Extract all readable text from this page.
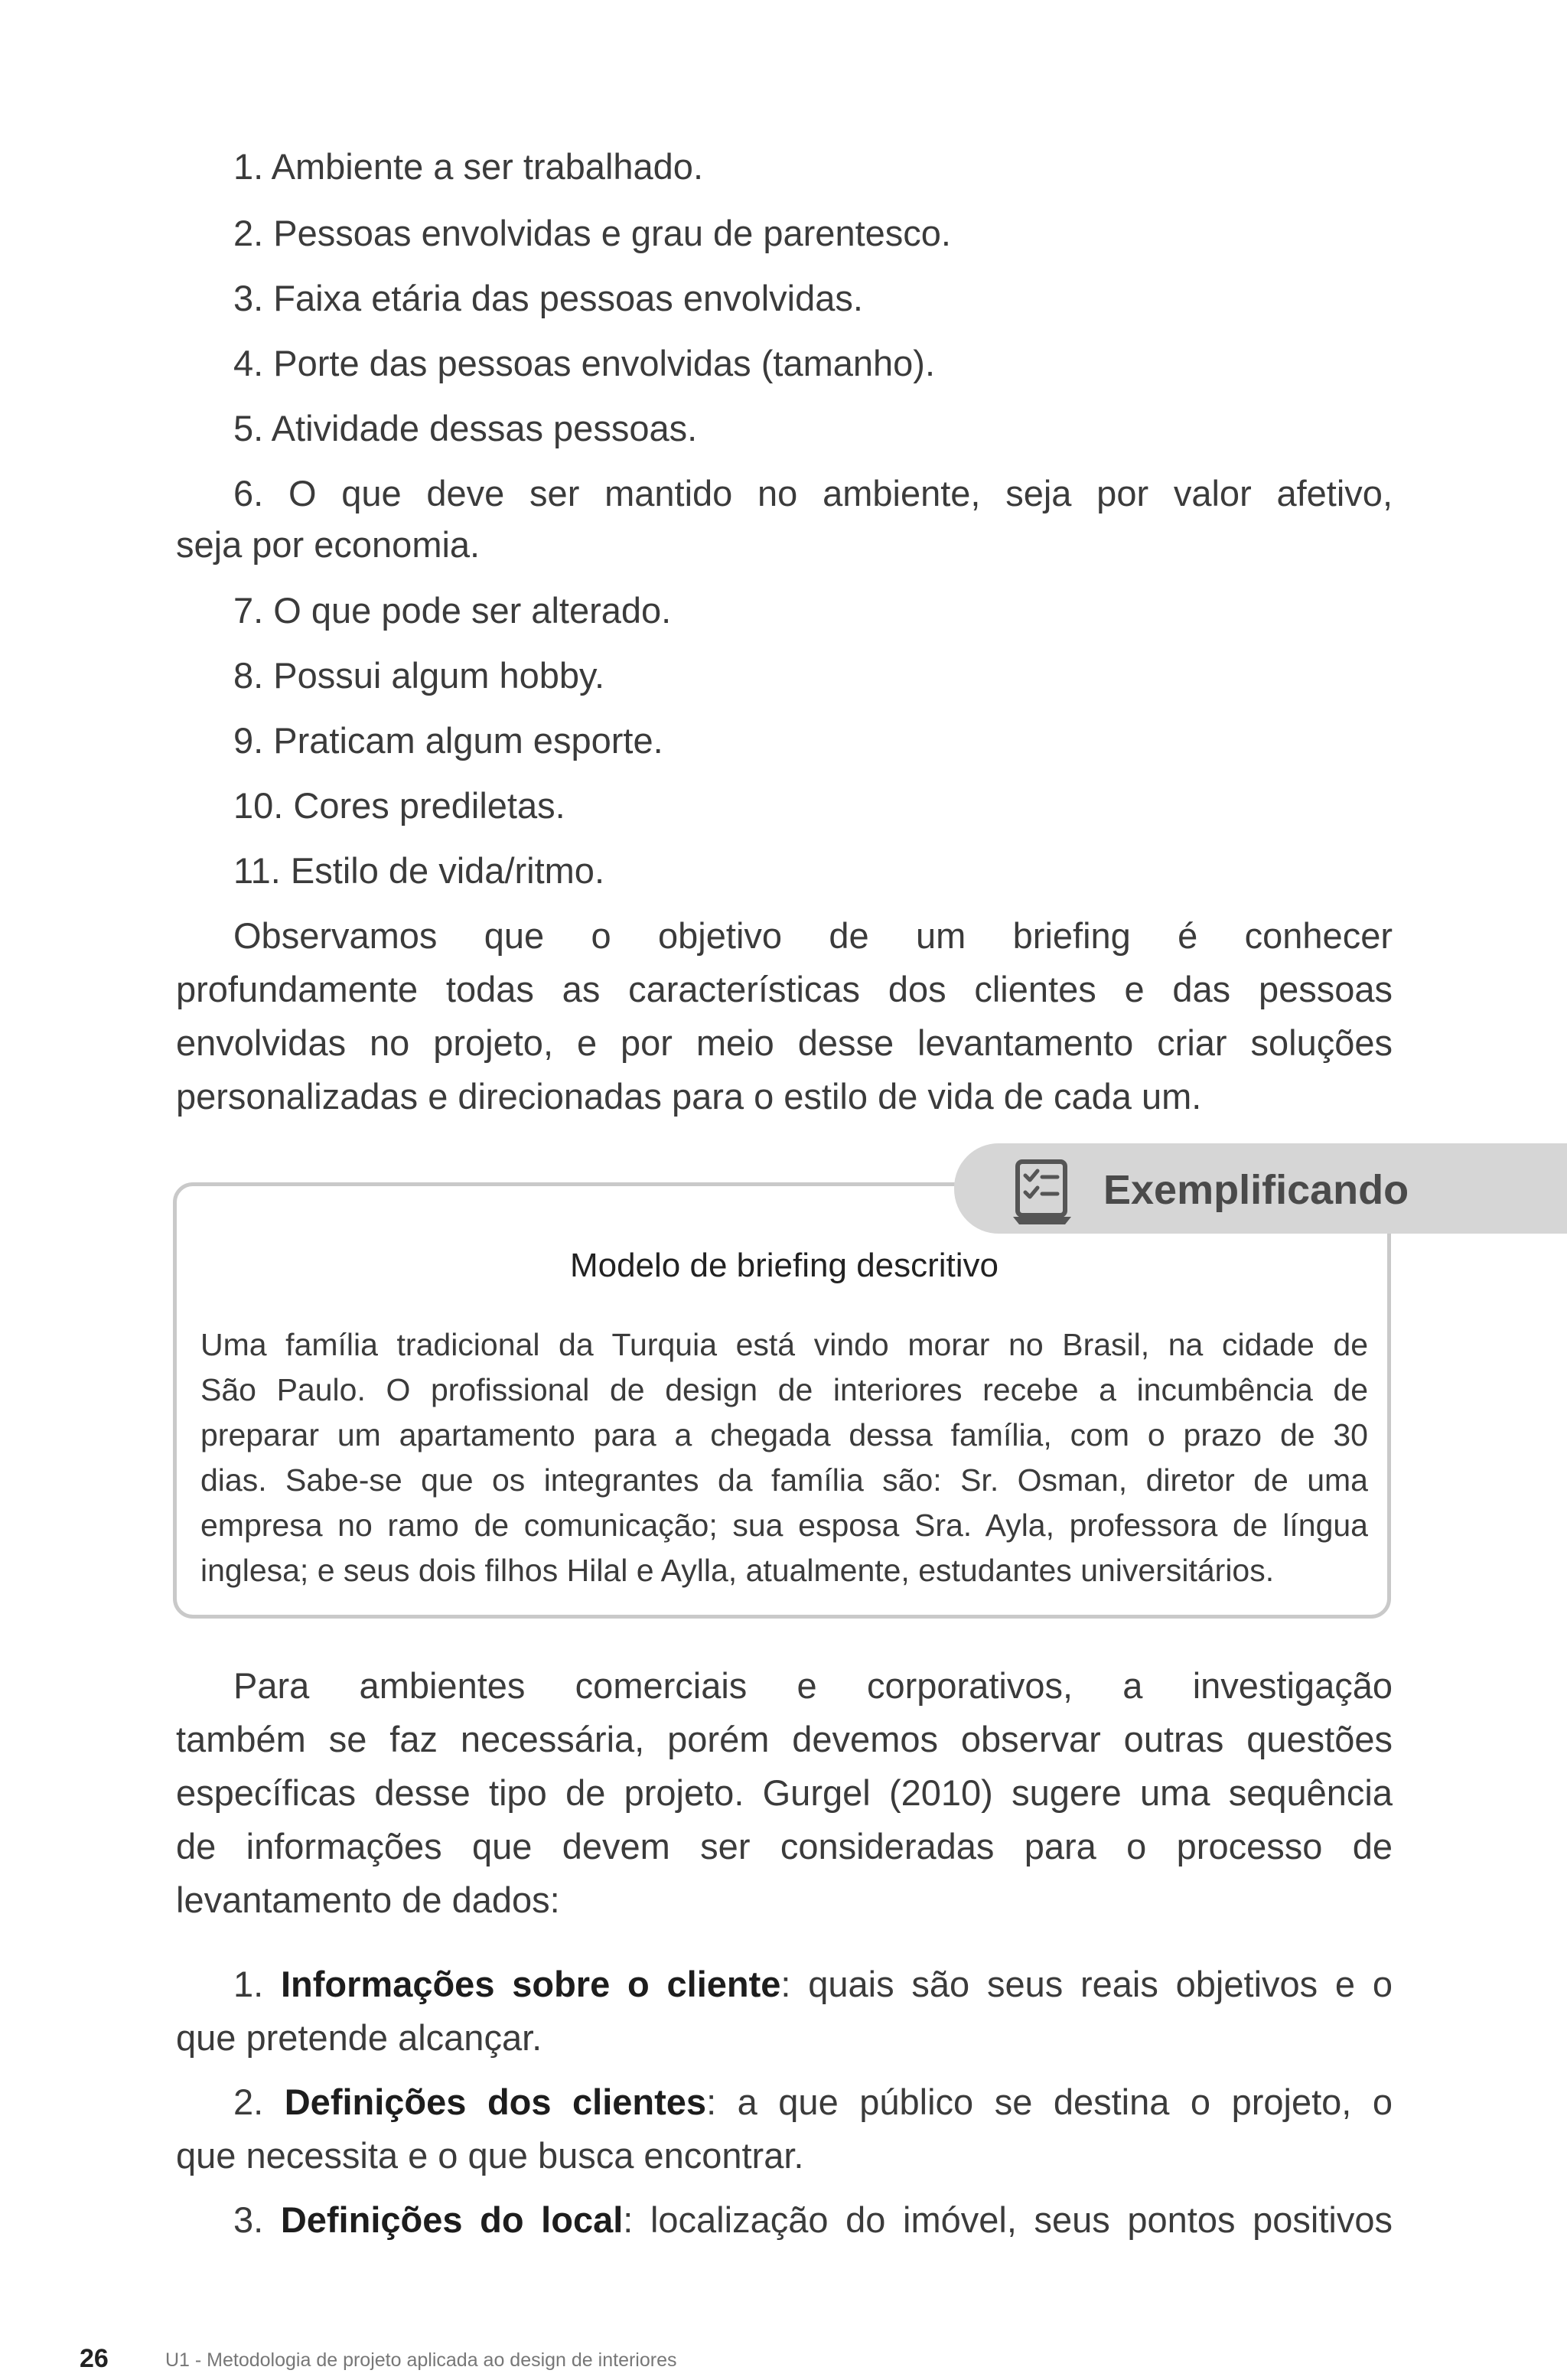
1. Ambiente a ser trabalhado.

2. Pessoas envolvidas e grau de parentesco.

3. Faixa etária das pessoas envolvidas.

4. Porte das pessoas envolvidas (tamanho).

5. Atividade dessas pessoas.

6. O que deve ser mantido no ambiente, seja por valor afetivo,

seja por economia.

7. O que pode ser alterado.

8. Possui algum hobby.

9. Praticam algum esporte.

10. Cores prediletas.

11. Estilo de vida/ritmo.

Observamos que o objetivo de um briefing é conhecer
profundamente todas as características dos clientes e das pessoas
envolvidas no projeto, e por meio desse levantamento criar soluções
personalizadas e direcionadas para o estilo de vida de cada um.
Exemplificando
Modelo de briefing descritivo
Uma família tradicional da Turquia está vindo morar no Brasil, na cidade de
São Paulo. O profissional de design de interiores recebe a incumbência de
preparar um apartamento para a chegada dessa família, com o prazo de 30
dias. Sabe-se que os integrantes da família são: Sr. Osman, diretor de uma
empresa no ramo de comunicação; sua esposa Sra. Ayla, professora de língua
inglesa; e seus dois filhos Hilal e Aylla, atualmente, estudantes universitários.
Para ambientes comerciais e corporativos, a investigação
também se faz necessária, porém devemos observar outras questões
específicas desse tipo de projeto. Gurgel (2010) sugere uma sequência
de informações que devem ser consideradas para o processo de
levantamento de dados:
1. Informações sobre o cliente: quais são seus reais objetivos e o
que pretende alcançar.
2. Definições dos clientes: a que público se destina o projeto, o
que necessita e o que busca encontrar.
3. Definições do local: localização do imóvel, seus pontos positivos
26	U1 - Metodologia de projeto aplicada ao design de interiores
